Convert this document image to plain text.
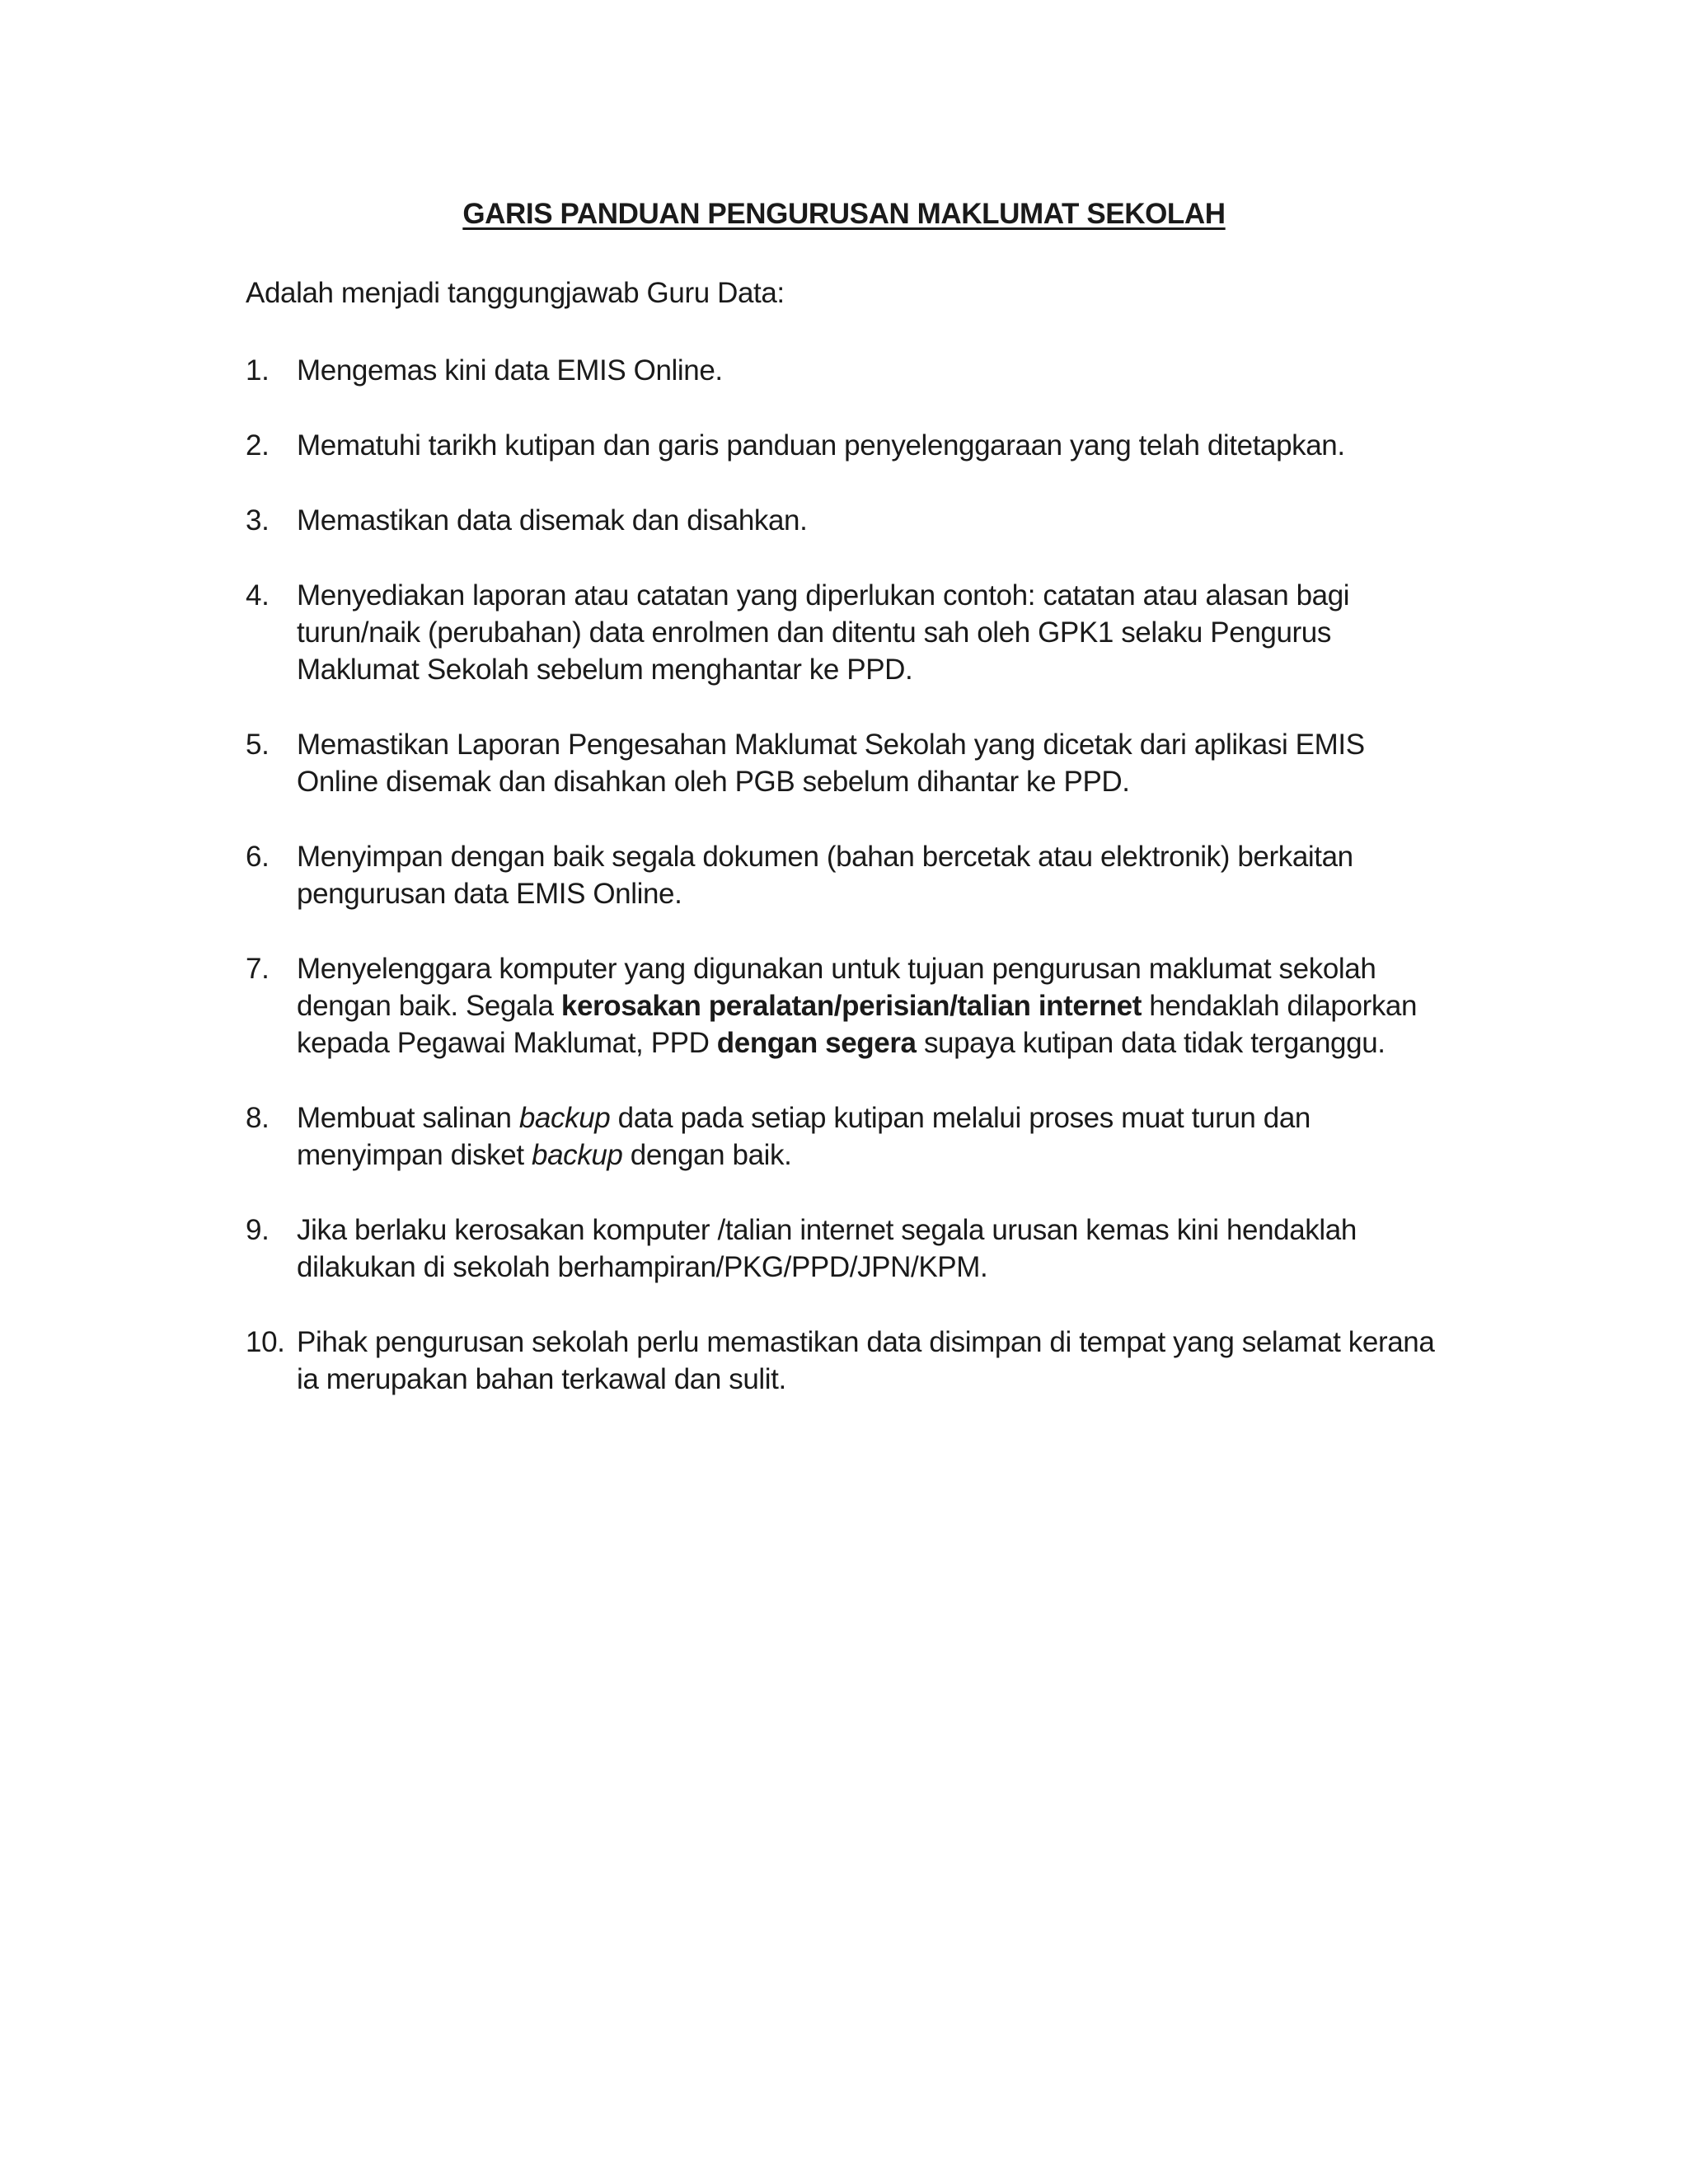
GARIS PANDUAN PENGURUSAN MAKLUMAT SEKOLAH
Adalah menjadi tanggungjawab Guru Data:
1. Mengemas kini data EMIS Online.
2. Mematuhi tarikh kutipan dan garis panduan penyelenggaraan yang telah ditetapkan.
3. Memastikan data disemak dan disahkan.
4. Menyediakan laporan atau catatan yang diperlukan contoh: catatan atau alasan bagi turun/naik (perubahan) data enrolmen dan ditentu sah oleh GPK1 selaku Pengurus Maklumat Sekolah sebelum menghantar ke PPD.
5. Memastikan Laporan Pengesahan Maklumat Sekolah yang dicetak dari aplikasi EMIS Online disemak dan disahkan oleh PGB sebelum dihantar ke PPD.
6. Menyimpan dengan baik segala dokumen (bahan bercetak atau elektronik) berkaitan pengurusan data EMIS Online.
7. Menyelenggara komputer yang digunakan untuk tujuan pengurusan maklumat sekolah dengan baik. Segala kerosakan peralatan/perisian/talian internet hendaklah dilaporkan kepada Pegawai Maklumat, PPD dengan segera supaya kutipan data tidak terganggu.
8. Membuat salinan backup data pada setiap kutipan melalui proses muat turun dan menyimpan disket backup dengan baik.
9. Jika berlaku kerosakan komputer /talian internet segala urusan kemas kini hendaklah dilakukan di sekolah berhampiran/PKG/PPD/JPN/KPM.
10. Pihak pengurusan sekolah perlu memastikan data disimpan di tempat yang selamat kerana ia merupakan bahan terkawal dan sulit.
